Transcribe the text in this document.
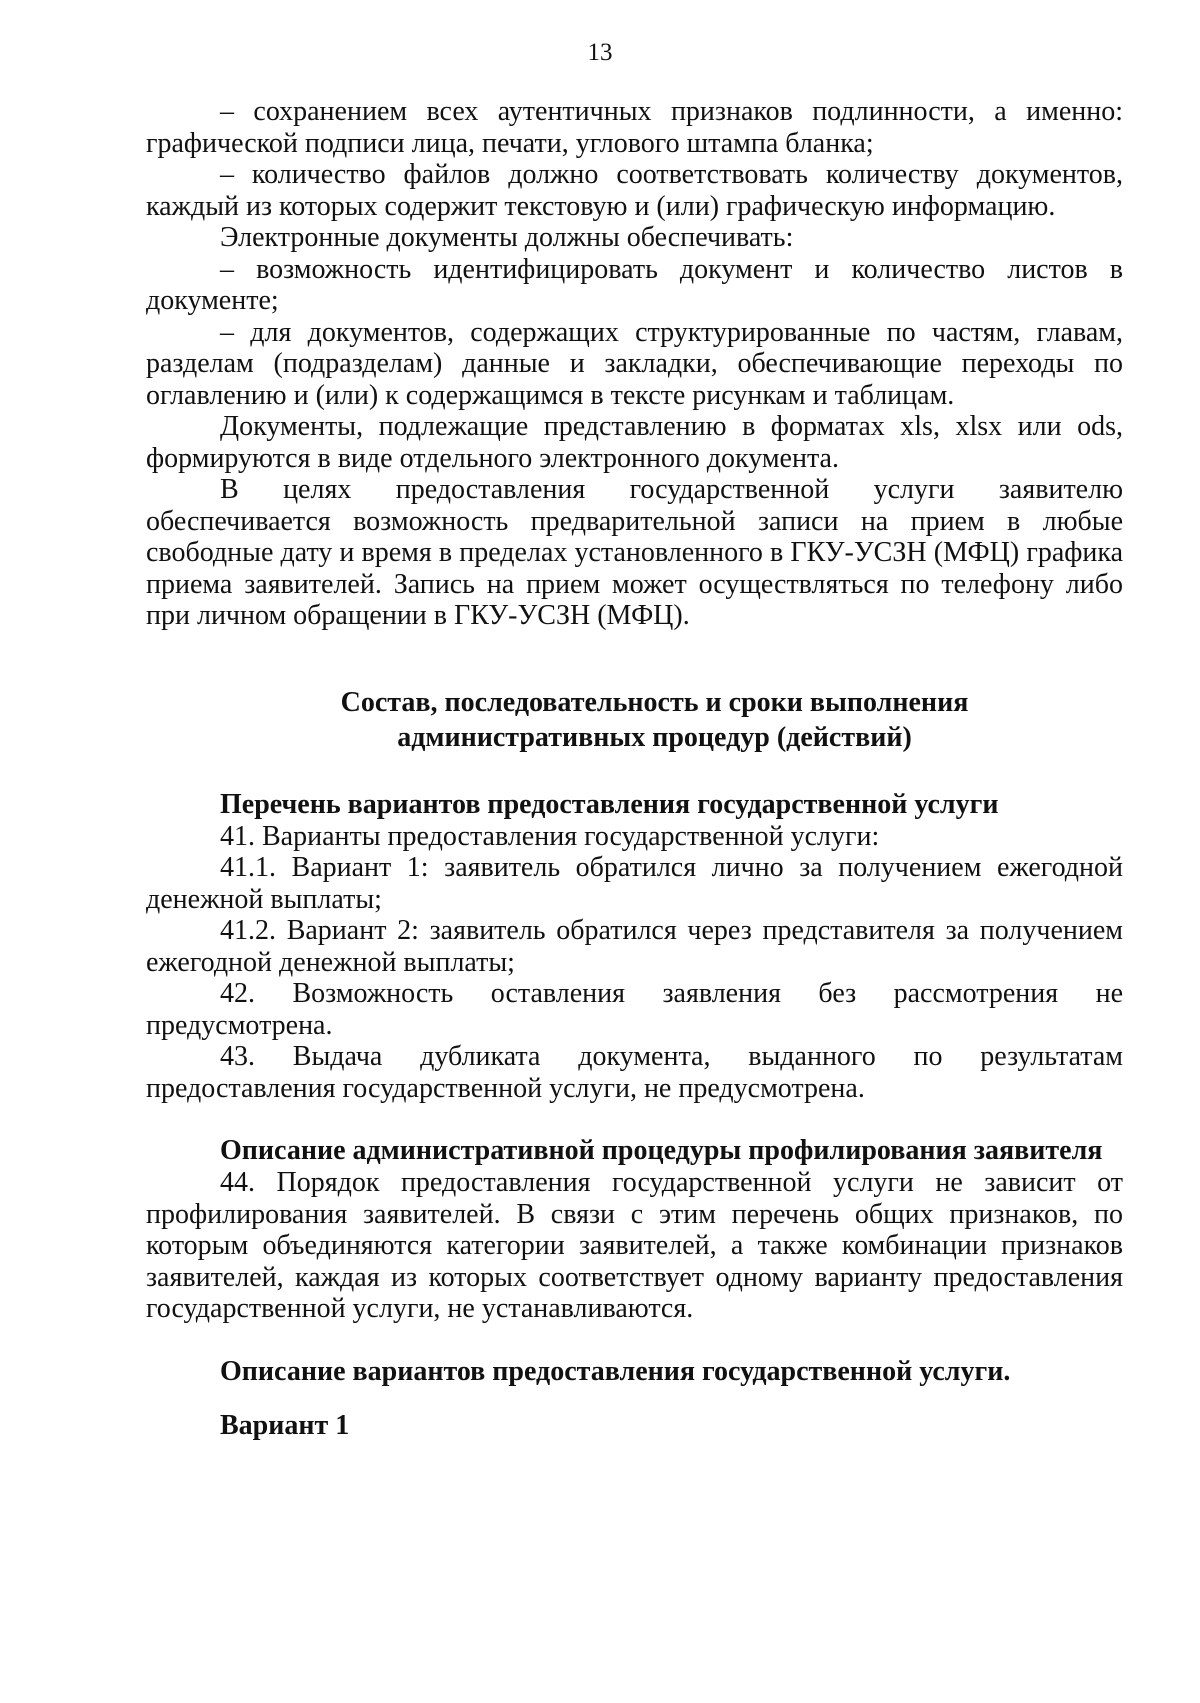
13

– сохранением всех аутентичных признаков подлинности, а именно: графической подписи лица, печати, углового штампа бланка;

– количество файлов должно соответствовать количеству документов, каждый из которых содержит текстовую и (или) графическую информацию.

Электронные документы должны обеспечивать:

– возможность идентифицировать документ и количество листов в документе;

– для документов, содержащих структурированные по частям, главам, разделам (подразделам) данные и закладки, обеспечивающие переходы по оглавлению и (или) к содержащимся в тексте рисункам и таблицам.

Документы, подлежащие представлению в форматах xls, xlsx или ods, формируются в виде отдельного электронного документа.

В целях предоставления государственной услуги заявителю обеспечивается возможность предварительной записи на прием в любые свободные дату и время в пределах установленного в ГКУ-УСЗН (МФЦ) графика приема заявителей. Запись на прием может осуществляться по телефону либо при личном обращении в ГКУ-УСЗН (МФЦ).

Состав, последовательность и сроки выполнения
административных процедур (действий)
Перечень вариантов предоставления государственной услуги

41. Варианты предоставления государственной услуги:

41.1. Вариант 1: заявитель обратился лично за получением ежегодной денежной выплаты;

41.2. Вариант 2: заявитель обратился через представителя за получением ежегодной денежной выплаты;

42. Возможность оставления заявления без рассмотрения не предусмотрена.

43. Выдача дубликата документа, выданного по результатам предоставления государственной услуги, не предусмотрена.

Описание административной процедуры профилирования заявителя

44. Порядок предоставления государственной услуги не зависит от профилирования заявителей. В связи с этим перечень общих признаков, по которым объединяются категории заявителей, а также комбинации признаков заявителей, каждая из которых соответствует одному варианту предоставления государственной услуги, не устанавливаются.

Описание вариантов предоставления государственной услуги.
Вариант 1
